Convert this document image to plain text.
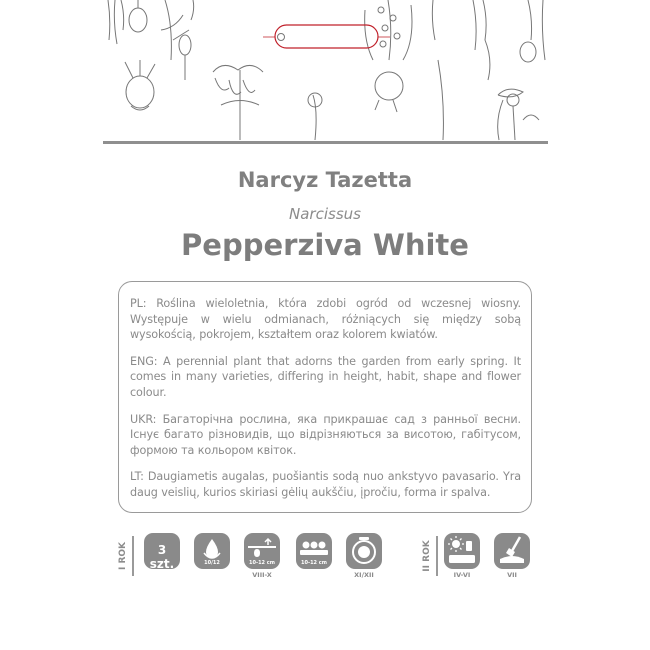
Narcyz Tazetta
Narcissus
Pepperziva White

PL: Roślina wieloletnia, która zdobi ogród od wczesnej wiosny. Występuje w wielu odmianach, różniących się między sobą wysokością, pokrojem, kształtem oraz kolorem kwiatów.

ENG: A perennial plant that adorns the garden from early spring. It comes in many varieties, differing in height, habit, shape and flower colour.

UKR: Багаторічна рослина, яка прикрашає сад з ранньої весни. Існує багато різновидів, що відрізняються за висотою, габітусом, формою та кольором квіток.

LT: Daugiametis augalas, puošiantis sodą nuo ankstyvo pavasario. Yra daug veislių, kurios skiriasi gėlių aukščiu, įpročiu, forma ir spalva.

I ROK	3 szt.	10/12	10-12 cm
VIII-X
10-12 cm
XI/XII
II ROK
IV-VI	VII
